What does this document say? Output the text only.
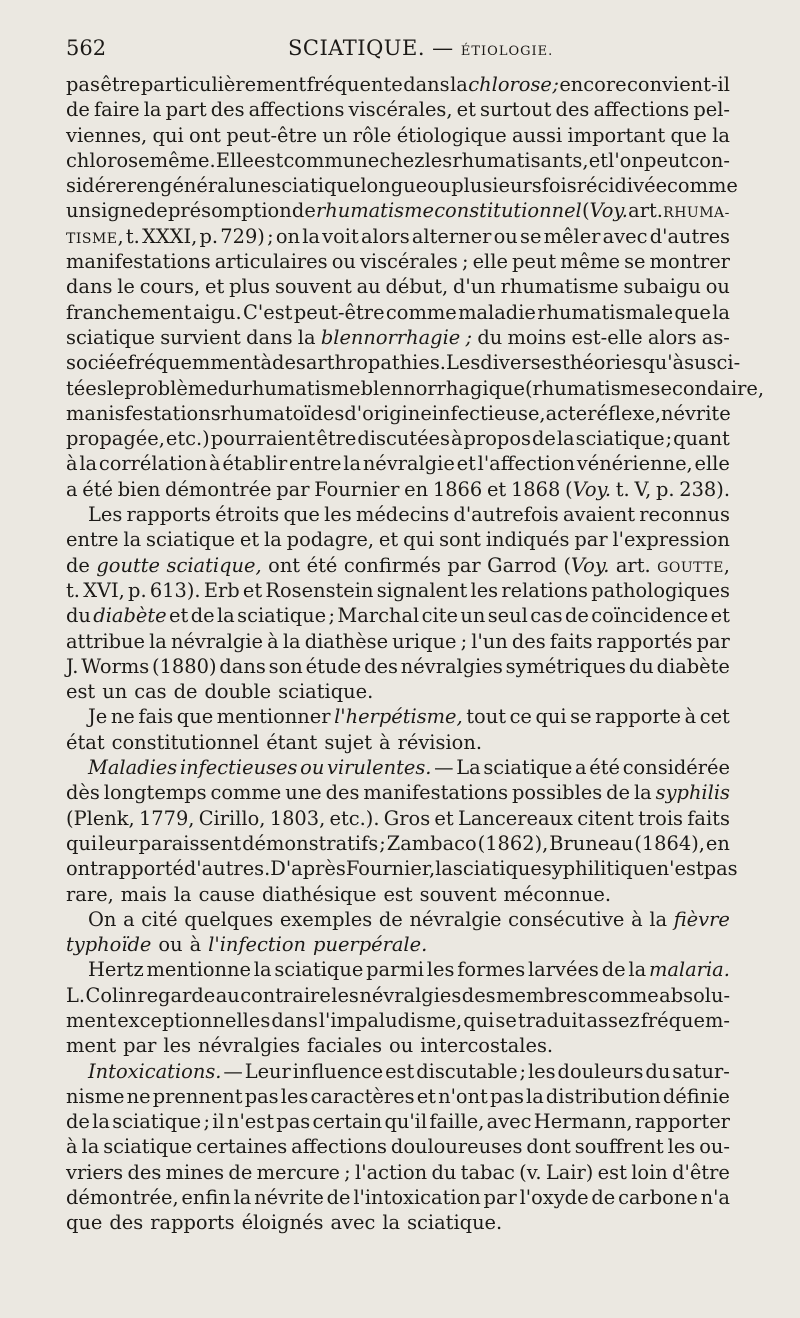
562	SCIATIQUE. — ÉTIOLOGIE.
pas être particulièrement fréquente dans la chlorose ; encore convient-il
de faire la part des affections viscérales, et surtout des affections pel-
viennes, qui ont peut-être un rôle étiologique aussi important que la
chlorose même. Elle est commune chez les rhumatisants, et l'on peut con-
sidérer en général une sciatique longue ou plusieurs fois récidivée comme
un signe de présomption de rhumatisme constitutionnel (Voy. art. RHUMA-
TISME, t. XXXI, p. 729) ; on la voit alors alterner ou se mêler avec d'autres
manifestations articulaires ou viscérales ; elle peut même se montrer
dans le cours, et plus souvent au début, d'un rhumatisme subaigu ou
franchement aigu. C'est peut-être comme maladie rhumatismale que la
sciatique survient dans la blennorrhagie ; du moins est-elle alors as-
sociée fréquemment à des arthropathies. Les diverses théories qu'à susci-
tées le problème du rhumatisme blennorrhagique (rhumatisme secondaire,
manisfestations rhumatoïdes d'origine infectieuse, acte réflexe, névrite
propagée, etc.) pourraient être discutées à propos de la sciatique ; quant
à la corrélation à établir entre la névralgie et l'affection vénérienne, elle
a été bien démontrée par Fournier en 1866 et 1868 (Voy. t. V, p. 238).
Les rapports étroits que les médecins d'autrefois avaient reconnus
entre la sciatique et la podagre, et qui sont indiqués par l'expression
de goutte sciatique, ont été confirmés par Garrod (Voy. art. GOUTTE,
t. XVI, p. 613). Erb et Rosenstein signalent les relations pathologiques
du diabète et de la sciatique ; Marchal cite un seul cas de coïncidence et
attribue la névralgie à la diathèse urique ; l'un des faits rapportés par
J. Worms (1880) dans son étude des névralgies symétriques du diabète
est un cas de double sciatique.
Je ne fais que mentionner l'herpétisme, tout ce qui se rapporte à cet
état constitutionnel étant sujet à révision.
Maladies infectieuses ou virulentes. — La sciatique a été considérée
dès longtemps comme une des manifestations possibles de la syphilis
(Plenk, 1779, Cirillo, 1803, etc.). Gros et Lancereaux citent trois faits
qui leur paraissent démonstratifs ; Zambaco (1862), Bruneau (1864), en
ont rapporté d'autres. D'après Fournier, la sciatique syphilitique n'est pas
rare, mais la cause diathésique est souvent méconnue.
On a cité quelques exemples de névralgie consécutive à la fièvre
typhoïde ou à l'infection puerpérale.
Hertz mentionne la sciatique parmi les formes larvées de la malaria.
L. Colin regarde au contraire les névralgies des membres comme absolu-
ment exceptionnelles dans l'impaludisme, qui se traduit assez fréquem-
ment par les névralgies faciales ou intercostales.
Intoxications. — Leur influence est discutable ; les douleurs du satur-
nisme ne prennent pas les caractères et n'ont pas la distribution définie
de la sciatique ; il n'est pas certain qu'il faille, avec Hermann, rapporter
à la sciatique certaines affections douloureuses dont souffrent les ou-
vriers des mines de mercure ; l'action du tabac (v. Lair) est loin d'être
démontrée, enfin la névrite de l'intoxication par l'oxyde de carbone n'a
que des rapports éloignés avec la sciatique.
